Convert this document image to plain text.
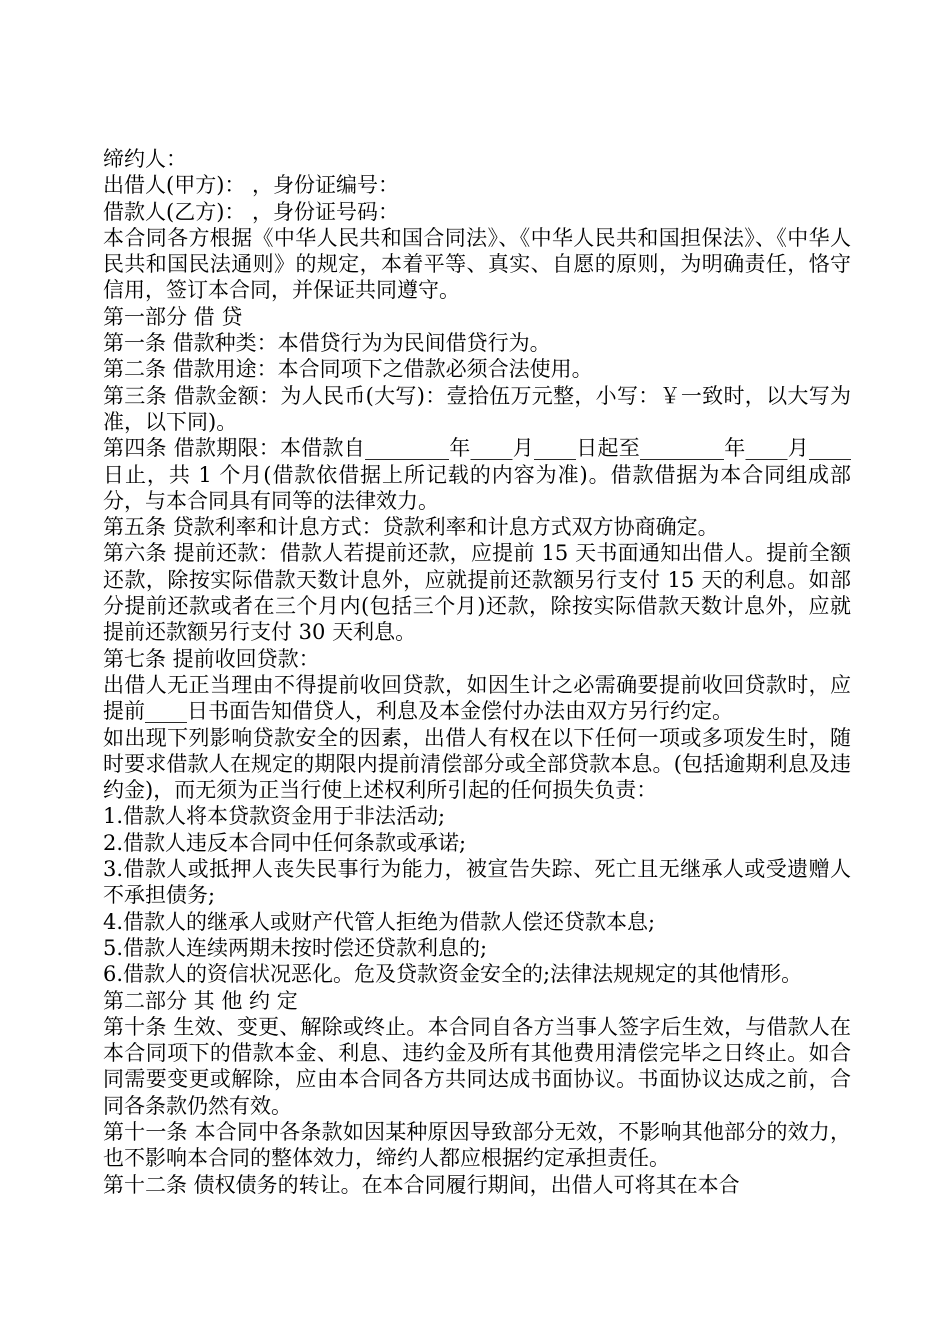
缔约人：

出借人(甲方)： ，身份证编号：

借款人(乙方)： ，身份证号码：

本合同各方根据《中华人民共和国合同法》、《中华人民共和国担保法》、《中华人民共和国民法通则》的规定，本着平等、真实、自愿的原则，为明确责任，恪守信用，签订本合同，并保证共同遵守。

第一部分 借 贷

第一条 借款种类：本借贷行为为民间借贷行为。

第二条 借款用途：本合同项下之借款必须合法使用。

第三条 借款金额：为人民币(大写)：壹拾伍万元整，小写：￥一致时，以大写为准，以下同)。

第四条 借款期限：本借款自________年____月____日起至________年____月____日止，共 1 个月(借款依借据上所记载的内容为准)。借款借据为本合同组成部分，与本合同具有同等的法律效力。

第五条 贷款利率和计息方式：贷款利率和计息方式双方协商确定。

第六条 提前还款：借款人若提前还款，应提前 15 天书面通知出借人。提前全额还款，除按实际借款天数计息外，应就提前还款额另行支付 15 天的利息。如部分提前还款或者在三个月内(包括三个月)还款，除按实际借款天数计息外，应就提前还款额另行支付 30 天利息。

第七条 提前收回贷款：

出借人无正当理由不得提前收回贷款，如因生计之必需确要提前收回贷款时，应提前____日书面告知借贷人，利息及本金偿付办法由双方另行约定。

如出现下列影响贷款安全的因素，出借人有权在以下任何一项或多项发生时，随时要求借款人在规定的期限内提前清偿部分或全部贷款本息。(包括逾期利息及违约金)，而无须为正当行使上述权利所引起的任何损失负责：

1.借款人将本贷款资金用于非法活动;

2.借款人违反本合同中任何条款或承诺;

3.借款人或抵押人丧失民事行为能力，被宣告失踪、死亡且无继承人或受遗赠人不承担债务;

4.借款人的继承人或财产代管人拒绝为借款人偿还贷款本息;

5.借款人连续两期未按时偿还贷款利息的;

6.借款人的资信状况恶化。危及贷款资金安全的;法律法规规定的其他情形。

第二部分 其 他 约 定

第十条 生效、变更、解除或终止。本合同自各方当事人签字后生效，与借款人在本合同项下的借款本金、利息、违约金及所有其他费用清偿完毕之日终止。如合同需要变更或解除，应由本合同各方共同达成书面协议。书面协议达成之前，合同各条款仍然有效。

第十一条 本合同中各条款如因某种原因导致部分无效，不影响其他部分的效力，也不影响本合同的整体效力，缔约人都应根据约定承担责任。

第十二条 债权债务的转让。在本合同履行期间，出借人可将其在本合
